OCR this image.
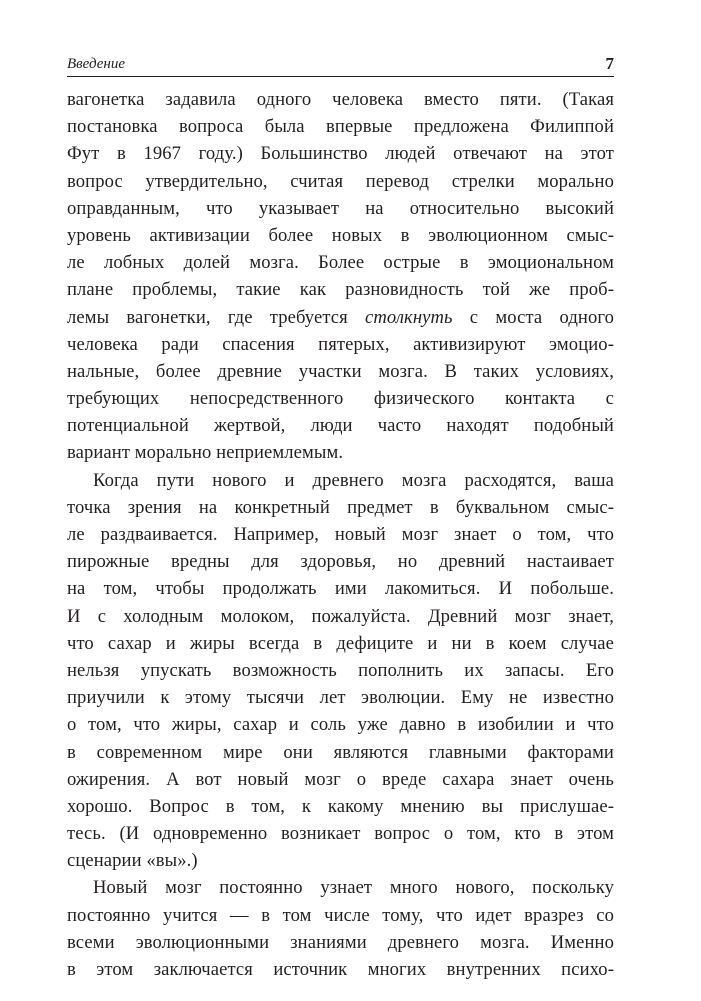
Введение	7
вагонетка задавила одного человека вместо пяти. (Такая
постановка вопроса была впервые предложена Филиппой
Фут в 1967 году.) Большинство людей отвечают на этот
вопрос утвердительно, считая перевод стрелки морально
оправданным, что указывает на относительно высокий
уровень активизации более новых в эволюционном смыс-
ле лобных долей мозга. Более острые в эмоциональном
плане проблемы, такие как разновидность той же проб-
лемы вагонетки, где требуется столкнуть с моста одного
человека ради спасения пятерых, активизируют эмоцио-
нальные, более древние участки мозга. В таких условиях,
требующих непосредственного физического контакта с
потенциальной жертвой, люди часто находят подобный
вариант морально неприемлемым.
Когда пути нового и древнего мозга расходятся, ваша
точка зрения на конкретный предмет в буквальном смыс-
ле раздваивается. Например, новый мозг знает о том, что
пирожные вредны для здоровья, но древний настаивает
на том, чтобы продолжать ими лакомиться. И побольше.
И с холодным молоком, пожалуйста. Древний мозг знает,
что сахар и жиры всегда в дефиците и ни в коем случае
нельзя упускать возможность пополнить их запасы. Его
приучили к этому тысячи лет эволюции. Ему не известно
о том, что жиры, сахар и соль уже давно в изобилии и что
в современном мире они являются главными факторами
ожирения. А вот новый мозг о вреде сахара знает очень
хорошо. Вопрос в том, к какому мнению вы прислушае-
тесь. (И одновременно возникает вопрос о том, кто в этом
сценарии «вы».)
Новый мозг постоянно узнает много нового, поскольку
постоянно учится — в том числе тому, что идет вразрез со
всеми эволюционными знаниями древнего мозга. Именно
в этом заключается источник многих внутренних психо-
